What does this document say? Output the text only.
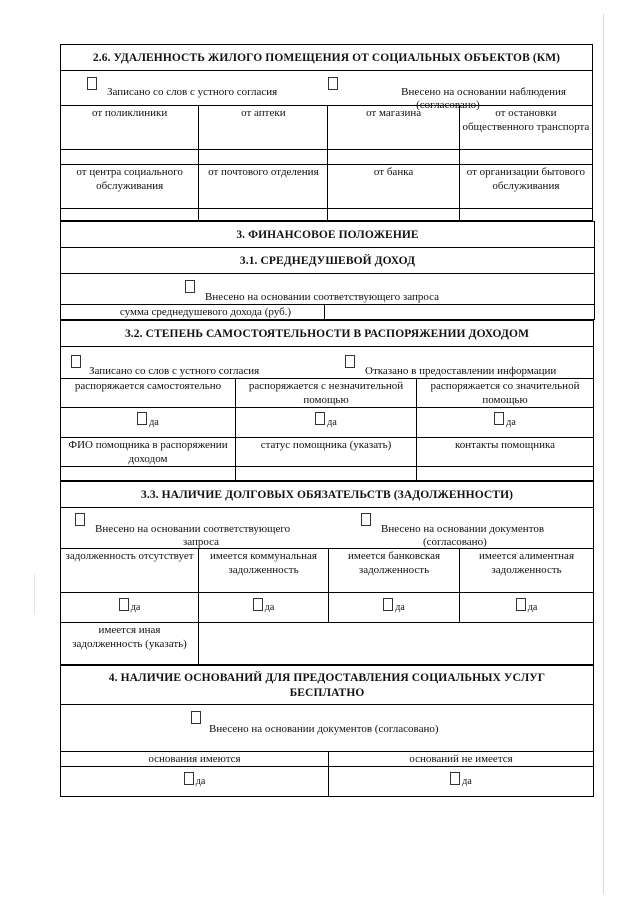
2.6. УДАЛЕННОСТЬ ЖИЛОГО ПОМЕЩЕНИЯ ОТ СОЦИАЛЬНЫХ ОБЪЕКТОВ (КМ)			

Записано со слов с устного согласия		Внесено на основании наблюдения
(согласовано)	

от поликлиники	от аптеки	от магазина	от остановки общественного транспорта

от центра социального обслуживания	от почтового отделения	от банка	от организации бытового обслуживания

3. ФИНАНСОВОЕ ПОЛОЖЕНИЕ
3.1. СРЕДНЕДУШЕВОЙ ДОХОД

Внесено на основании соответствующего запроса

сумма среднедушевого дохода (руб.)	
3.2. СТЕПЕНЬ САМОСТОЯТЕЛЬНОСТИ В РАСПОРЯЖЕНИИ ДОХОДОМ		

Записано со слов с устного согласия Отказано в предоставлении информации		

распоряжается самостоятельно	распоряжается с незначительной помощью	распоряжается со значительной помощью
да	да	да
ФИО помощника в распоряжении доходом	статус помощника (указать)	контакты помощника

3.3. НАЛИЧИЕ ДОЛГОВЫХ ОБЯЗАТЕЛЬСТВ (ЗАДОЛЖЕННОСТИ)			

Внесено на основании соответствующего
запроса
Внесено на основании документов
(согласовано)			

задолженность отсутствует	имеется коммунальная задолженность	имеется банковская задолженность	имеется алиментная задолженность
да	да	да	да
имеется иная задолженность (указать)			
4. НАЛИЧИЕ ОСНОВАНИЙ ДЛЯ ПРЕДОСТАВЛЕНИЯ СОЦИАЛЬНЫХ УСЛУГ
БЕСПЛАТНО	

Внесено на основании документов (согласовано)	

основания имеются	оснований не имеется
да	да
